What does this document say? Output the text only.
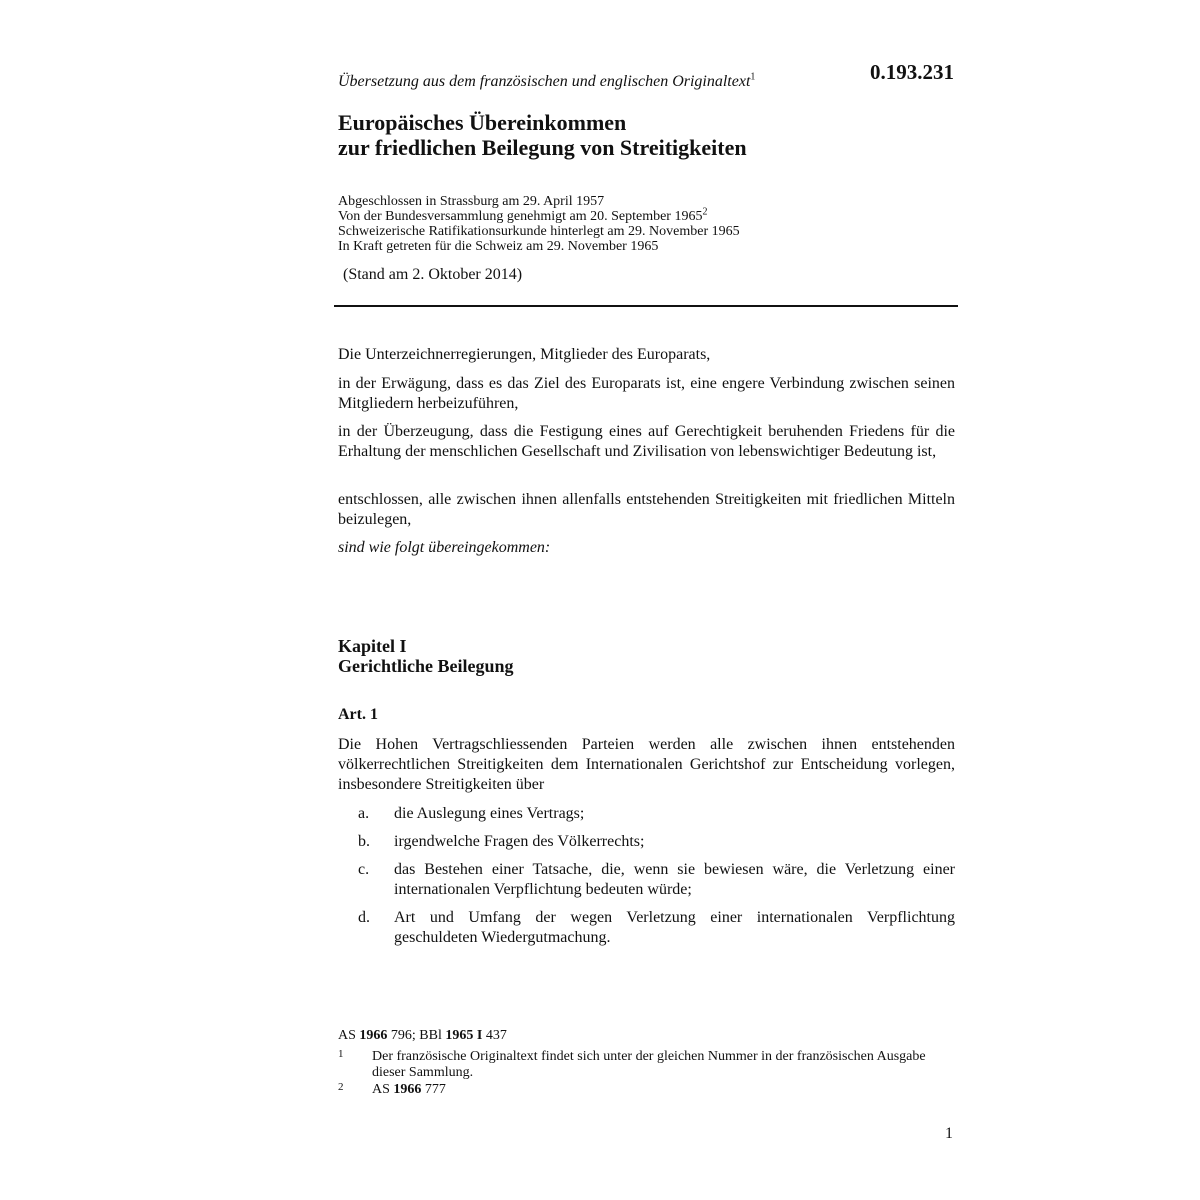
0.193.231
Übersetzung aus dem französischen und englischen Originaltext$^1$
Europäisches Übereinkommen
zur friedlichen Beilegung von Streitigkeiten
Abgeschlossen in Strassburg am 29. April 1957
Von der Bundesversammlung genehmigt am 20. September 1965$^2$
Schweizerische Ratifikationsurkunde hinterlegt am 29. November 1965
In Kraft getreten für die Schweiz am 29. November 1965
(Stand am 2. Oktober 2014)

Die Unterzeichnerregierungen, Mitglieder des Europarats,

in der Erwägung, dass es das Ziel des Europarats ist, eine engere Verbindung zwischen seinen Mitgliedern herbeizuführen,

in der Überzeugung, dass die Festigung eines auf Gerechtigkeit beruhenden Friedens für die Erhaltung der menschlichen Gesellschaft und Zivilisation von lebenswichtiger Bedeutung ist,

entschlossen, alle zwischen ihnen allenfalls entstehenden Streitigkeiten mit friedlichen Mitteln beizulegen,

sind wie folgt übereingekommen:

Kapitel I
Gerichtliche Beilegung
Art. 1

Die Hohen Vertragschliessenden Parteien werden alle zwischen ihnen entstehenden völkerrechtlichen Streitigkeiten dem Internationalen Gerichtshof zur Entscheidung vorlegen, insbesondere Streitigkeiten über

a. die Auslegung eines Vertrags;
b. irgendwelche Fragen des Völkerrechts;
c. das Bestehen einer Tatsache, die, wenn sie bewiesen wäre, die Verletzung einer internationalen Verpflichtung bedeuten würde;
d. Art und Umfang der wegen Verletzung einer internationalen Verpflichtung geschuldeten Wiedergutmachung.
AS 1966 796; BBl 1965 I 437
1 Der französische Originaltext findet sich unter der gleichen Nummer in der französischen Ausgabe dieser Sammlung.
2 AS 1966 777
1
